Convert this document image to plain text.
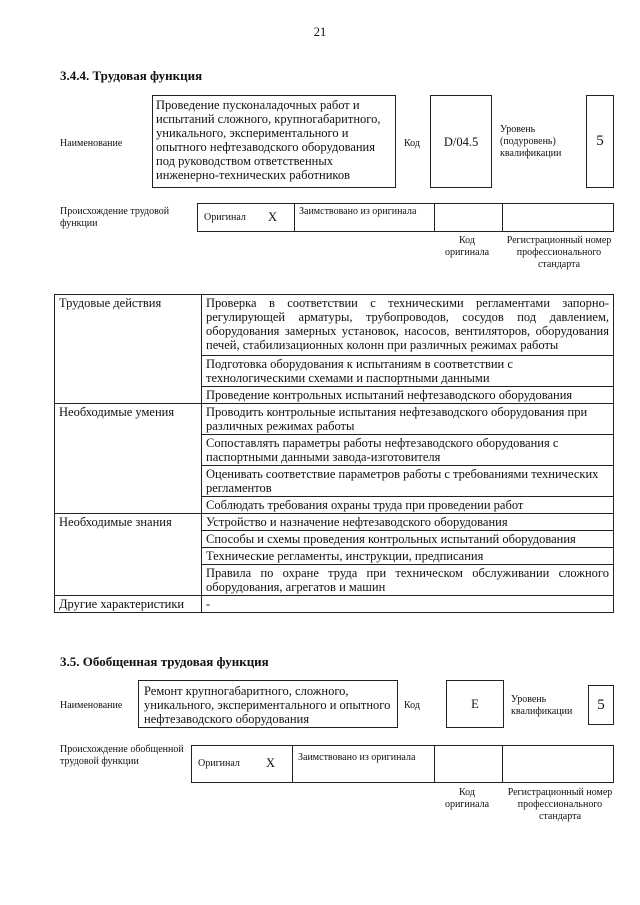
21
3.4.4. Трудовая функция
Наименование
Проведение пусконаладочных работ и испытаний сложного, крупногабаритного, уникального, экспериментального и опытного нефтезаводского оборудования под руководством ответственных инженерно-технических работников
Код D/04.5
Уровень (подуровень) квалификации
5
Происхождение трудовой функции
Оригинал X Заимствовано из оригинала
Код оригинала
Регистрационный номер профессионального стандарта
Трудовые действия	Проверка в соответствии с техническими регламентами запорно-регулирующей арматуры, трубопроводов, сосудов под давлением, оборудования замерных установок, насосов, вентиляторов, оборудования печей, стабилизационных колонн при различных режимах работы
	Подготовка оборудования к испытаниям в соответствии с технологическими схемами и паспортными данными
	Проведение контрольных испытаний нефтезаводского оборудования
Необходимые умения	Проводить контрольные испытания нефтезаводского оборудования при различных режимах работы
	Сопоставлять параметры работы нефтезаводского оборудования с паспортными данными завода-изготовителя
	Оценивать соответствие параметров работы с требованиями технических регламентов
	Соблюдать требования охраны труда при проведении работ
Необходимые знания	Устройство и назначение нефтезаводского оборудования
	Способы и схемы проведения контрольных испытаний оборудования
	Технические регламенты, инструкции, предписания
	Правила по охране труда при техническом обслуживании сложного оборудования, агрегатов и машин
Другие характеристики	-
3.5. Обобщенная трудовая функция
Наименование
Ремонт крупногабаритного, сложного, уникального, экспериментального и опытного нефтезаводского оборудования
Код	E	Уровень квалификации	5
Происхождение обобщенной трудовой функции	Оригинал X Заимствовано из оригинала
Код оригинала
Регистрационный номер профессионального стандарта
